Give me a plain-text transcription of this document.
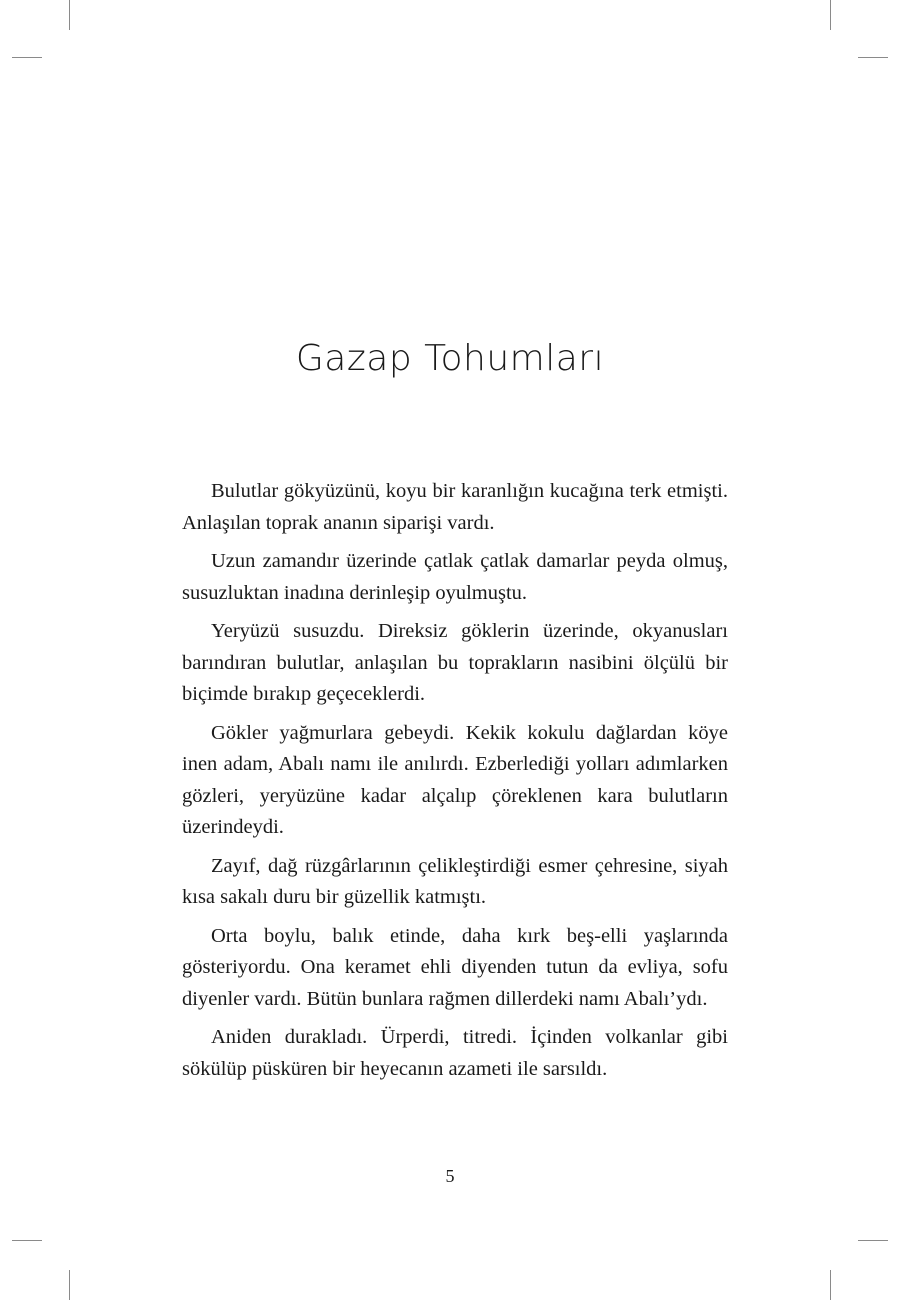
Gazap Tohumları

Bulutlar gökyüzünü, koyu bir karanlığın kucağına terk etmişti. Anlaşılan toprak ananın siparişi vardı.

Uzun zamandır üzerinde çatlak çatlak damarlar peyda olmuş, susuzluktan inadına derinleşip oyulmuştu.

Yeryüzü susuzdu. Direksiz göklerin üzerinde, okyanusları barındıran bulutlar, anlaşılan bu toprakların nasibini ölçülü bir biçimde bırakıp geçeceklerdi.

Gökler yağmurlara gebeydi. Kekik kokulu dağlardan köye inen adam, Abalı namı ile anılırdı. Ezberlediği yolları adımlarken gözleri, yeryüzüne kadar alçalıp çöreklenen kara bulutların üzerindeydi.

Zayıf, dağ rüzgârlarının çelikleştirdiği esmer çehresine, siyah kısa sakalı duru bir güzellik katmıştı.

Orta boylu, balık etinde, daha kırk beş-elli yaşlarında gösteriyordu. Ona keramet ehli diyenden tutun da evliya, sofu diyenler vardı. Bütün bunlara rağmen dillerdeki namı Abalı’ydı.

Aniden durakladı. Ürperdi, titredi. İçinden volkanlar gibi sökülüp püsküren bir heyecanın azameti ile sarsıldı.

5
